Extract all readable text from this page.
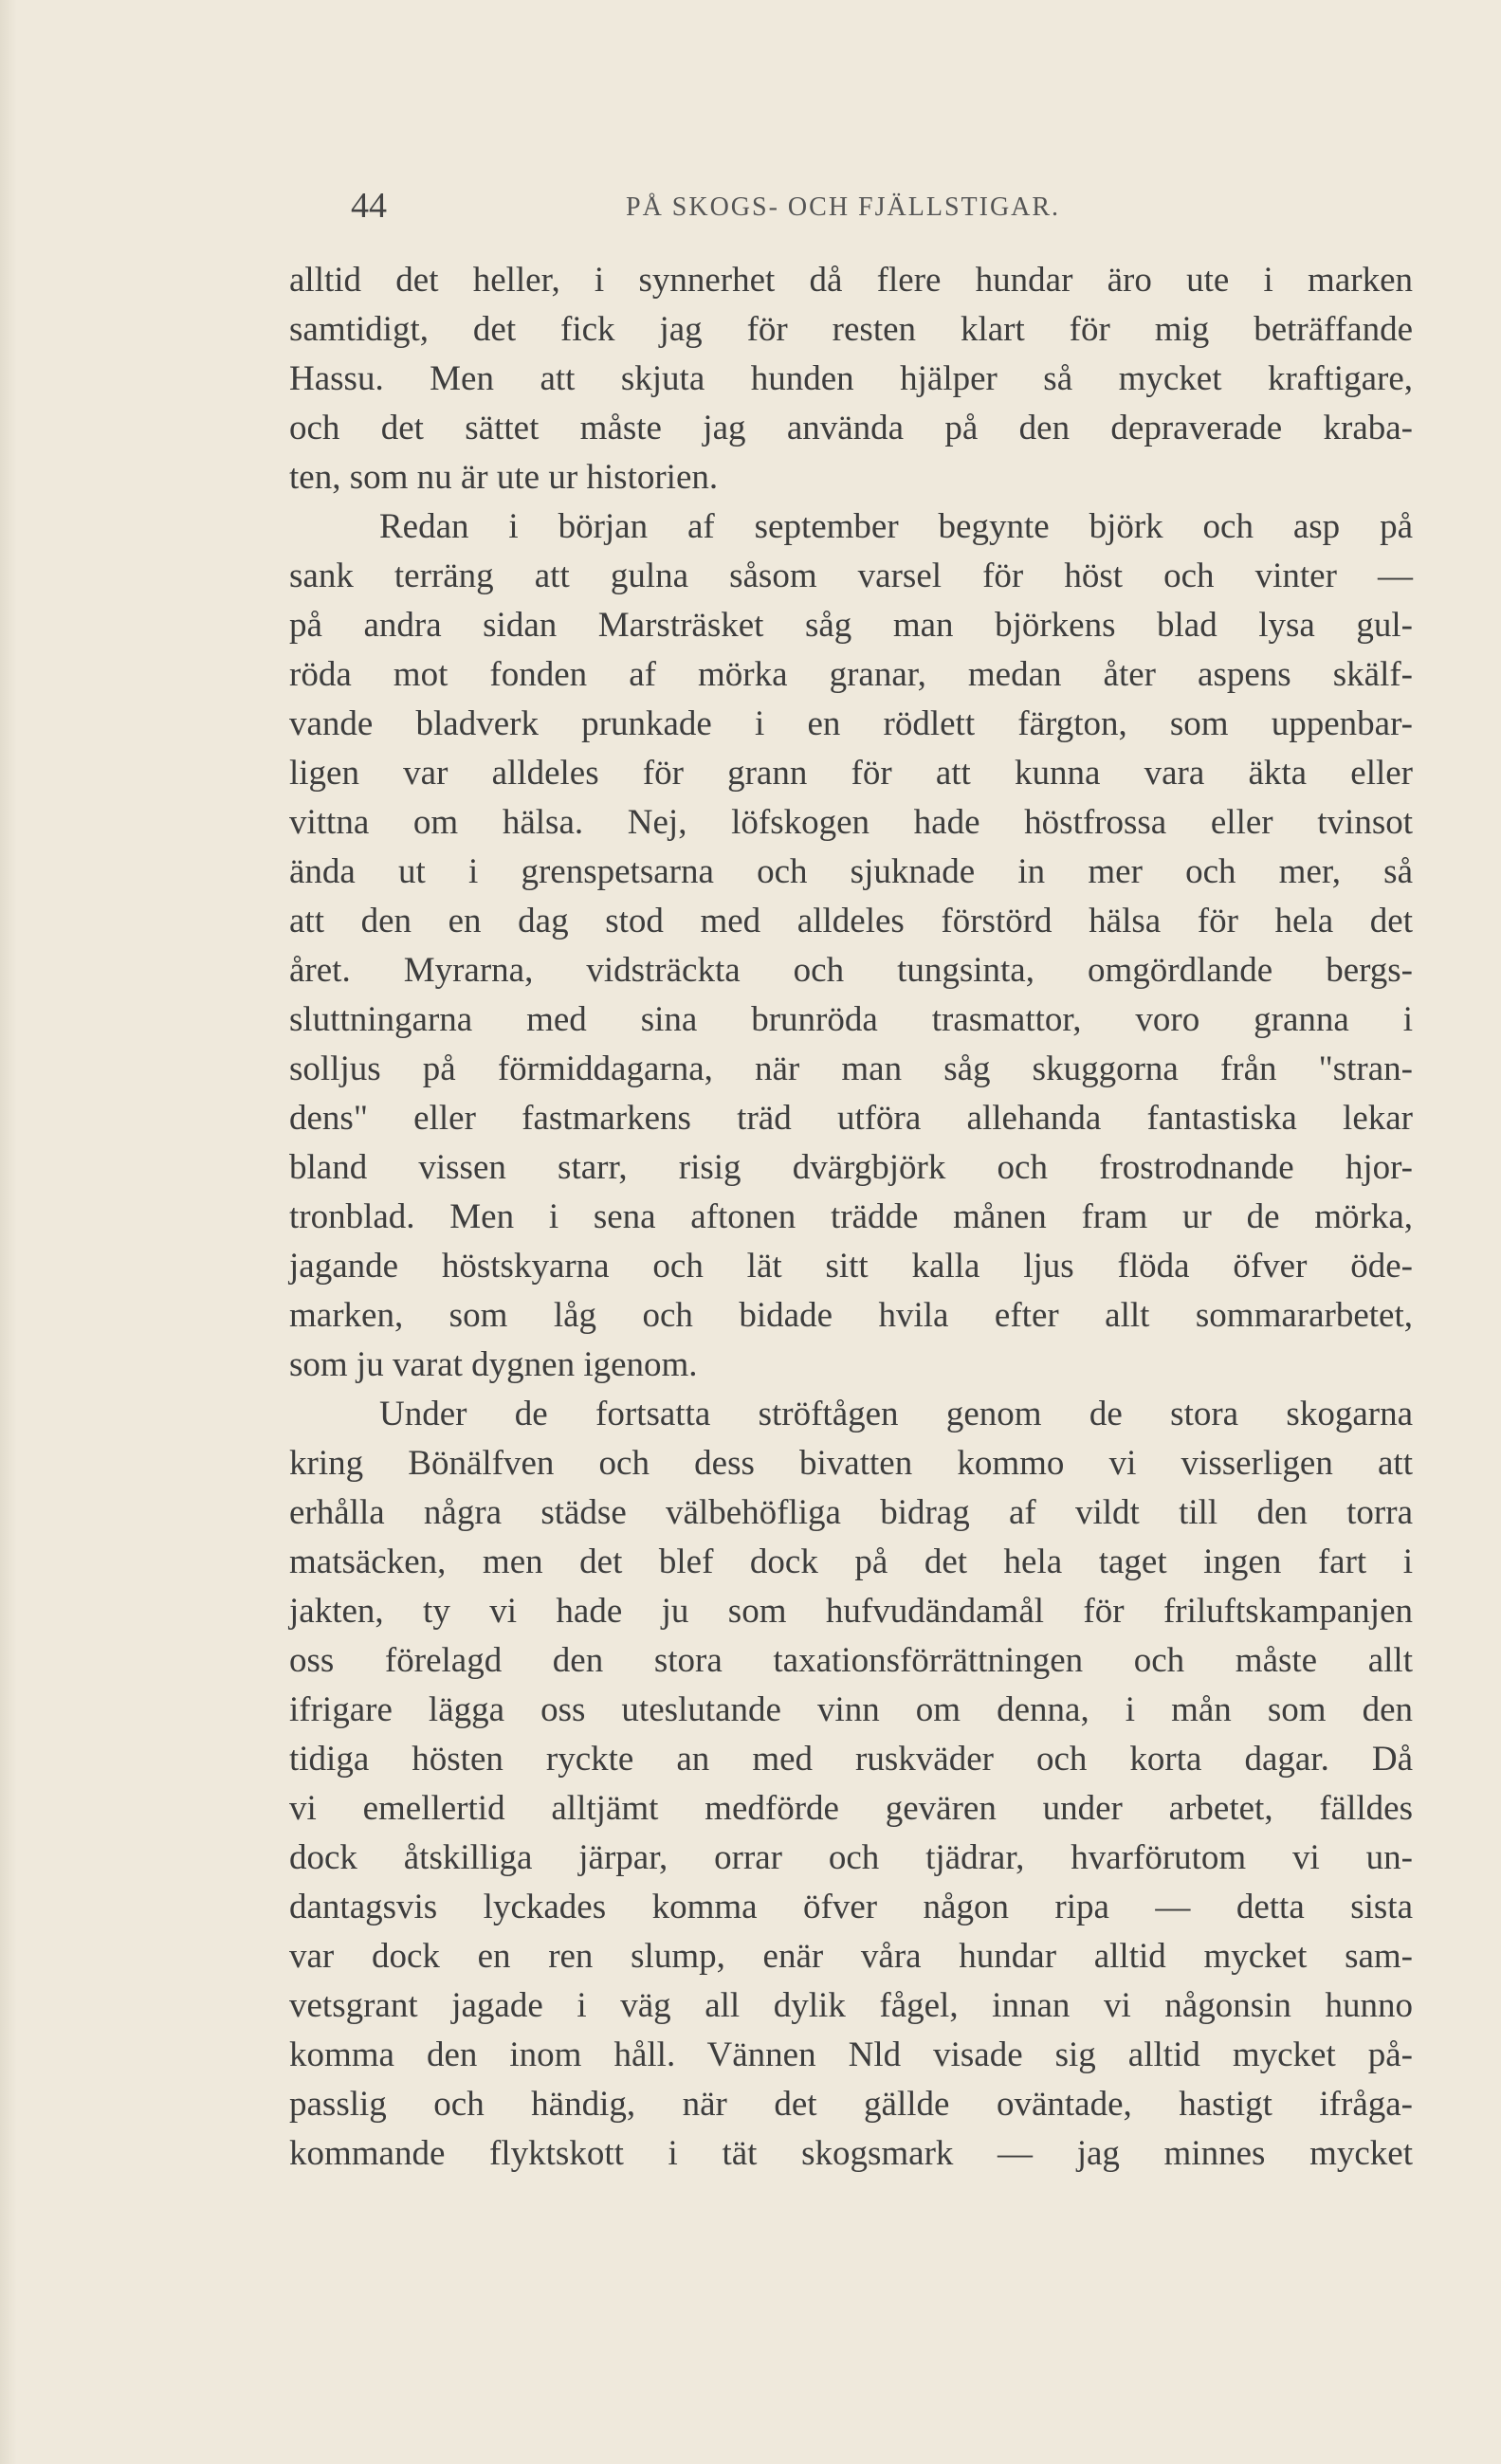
44	PÅ SKOGS- OCH FJÄLLSTIGAR.
alltid det heller, i synnerhet då flere hundar äro ute i marken
samtidigt, det fick jag för resten klart för mig beträffande
Hassu. Men att skjuta hunden hjälper så mycket kraftigare,
och det sättet måste jag använda på den depraverade kraba-
ten, som nu är ute ur historien.
Redan i början af september begynte björk och asp på
sank terräng att gulna såsom varsel för höst och vinter —
på andra sidan Marsträsket såg man björkens blad lysa gul-
röda mot fonden af mörka granar, medan åter aspens skälf-
vande bladverk prunkade i en rödlett färgton, som uppenbar-
ligen var alldeles för grann för att kunna vara äkta eller
vittna om hälsa. Nej, löfskogen hade höstfrossa eller tvinsot
ända ut i grenspetsarna och sjuknade in mer och mer, så
att den en dag stod med alldeles förstörd hälsa för hela det
året. Myrarna, vidsträckta och tungsinta, omgördlande bergs-
sluttningarna med sina brunröda trasmattor, voro granna i
solljus på förmiddagarna, när man såg skuggorna från "stran-
dens" eller fastmarkens träd utföra allehanda fantastiska lekar
bland vissen starr, risig dvärgbjörk och frostrodnande hjor-
tronblad. Men i sena aftonen trädde månen fram ur de mörka,
jagande höstskyarna och lät sitt kalla ljus flöda öfver öde-
marken, som låg och bidade hvila efter allt sommararbetet,
som ju varat dygnen igenom.
Under de fortsatta ströftågen genom de stora skogarna
kring Bönälfven och dess bivatten kommo vi visserligen att
erhålla några städse välbehöfliga bidrag af vildt till den torra
matsäcken, men det blef dock på det hela taget ingen fart i
jakten, ty vi hade ju som hufvudändamål för friluftskampanjen
oss förelagd den stora taxationsförrättningen och måste allt
ifrigare lägga oss uteslutande vinn om denna, i mån som den
tidiga hösten ryckte an med ruskväder och korta dagar. Då
vi emellertid alltjämt medförde gevären under arbetet, fälldes
dock åtskilliga järpar, orrar och tjädrar, hvarförutom vi un-
dantagsvis lyckades komma öfver någon ripa — detta sista
var dock en ren slump, enär våra hundar alltid mycket sam-
vetsgrant jagade i väg all dylik fågel, innan vi någonsin hunno
komma den inom håll. Vännen Nld visade sig alltid mycket på-
passlig och händig, när det gällde oväntade, hastigt ifråga-
kommande flyktskott i tät skogsmark — jag minnes mycket
